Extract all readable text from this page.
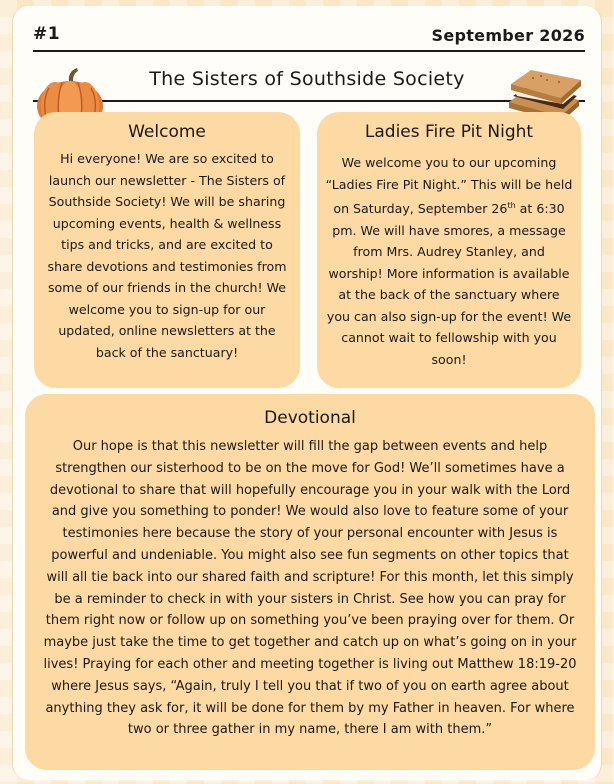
#1	September 2026
The Sisters of Southside Society
Welcome

Hi everyone! We are so excited to launch our newsletter - The Sisters of Southside Society! We will be sharing upcoming events, health & wellness tips and tricks, and are excited to share devotions and testimonies from some of our friends in the church! We welcome you to sign-up for our updated, online newsletters at the back of the sanctuary!

Ladies Fire Pit Night

We welcome you to our upcoming “Ladies Fire Pit Night.” This will be held on Saturday, September 26th at 6:30 pm. We will have smores, a message from Mrs. Audrey Stanley, and worship! More information is available at the back of the sanctuary where you can also sign-up for the event! We cannot wait to fellowship with you soon!

Devotional

Our hope is that this newsletter will fill the gap between events and help strengthen our sisterhood to be on the move for God! We’ll sometimes have a devotional to share that will hopefully encourage you in your walk with the Lord and give you something to ponder! We would also love to feature some of your testimonies here because the story of your personal encounter with Jesus is powerful and undeniable. You might also see fun segments on other topics that will all tie back into our shared faith and scripture! For this month, let this simply be a reminder to check in with your sisters in Christ. See how you can pray for them right now or follow up on something you’ve been praying over for them. Or maybe just take the time to get together and catch up on what’s going on in your lives! Praying for each other and meeting together is living out Matthew 18:19-20 where Jesus says, “Again, truly I tell you that if two of you on earth agree about anything they ask for, it will be done for them by my Father in heaven. For where two or three gather in my name, there I am with them.”
